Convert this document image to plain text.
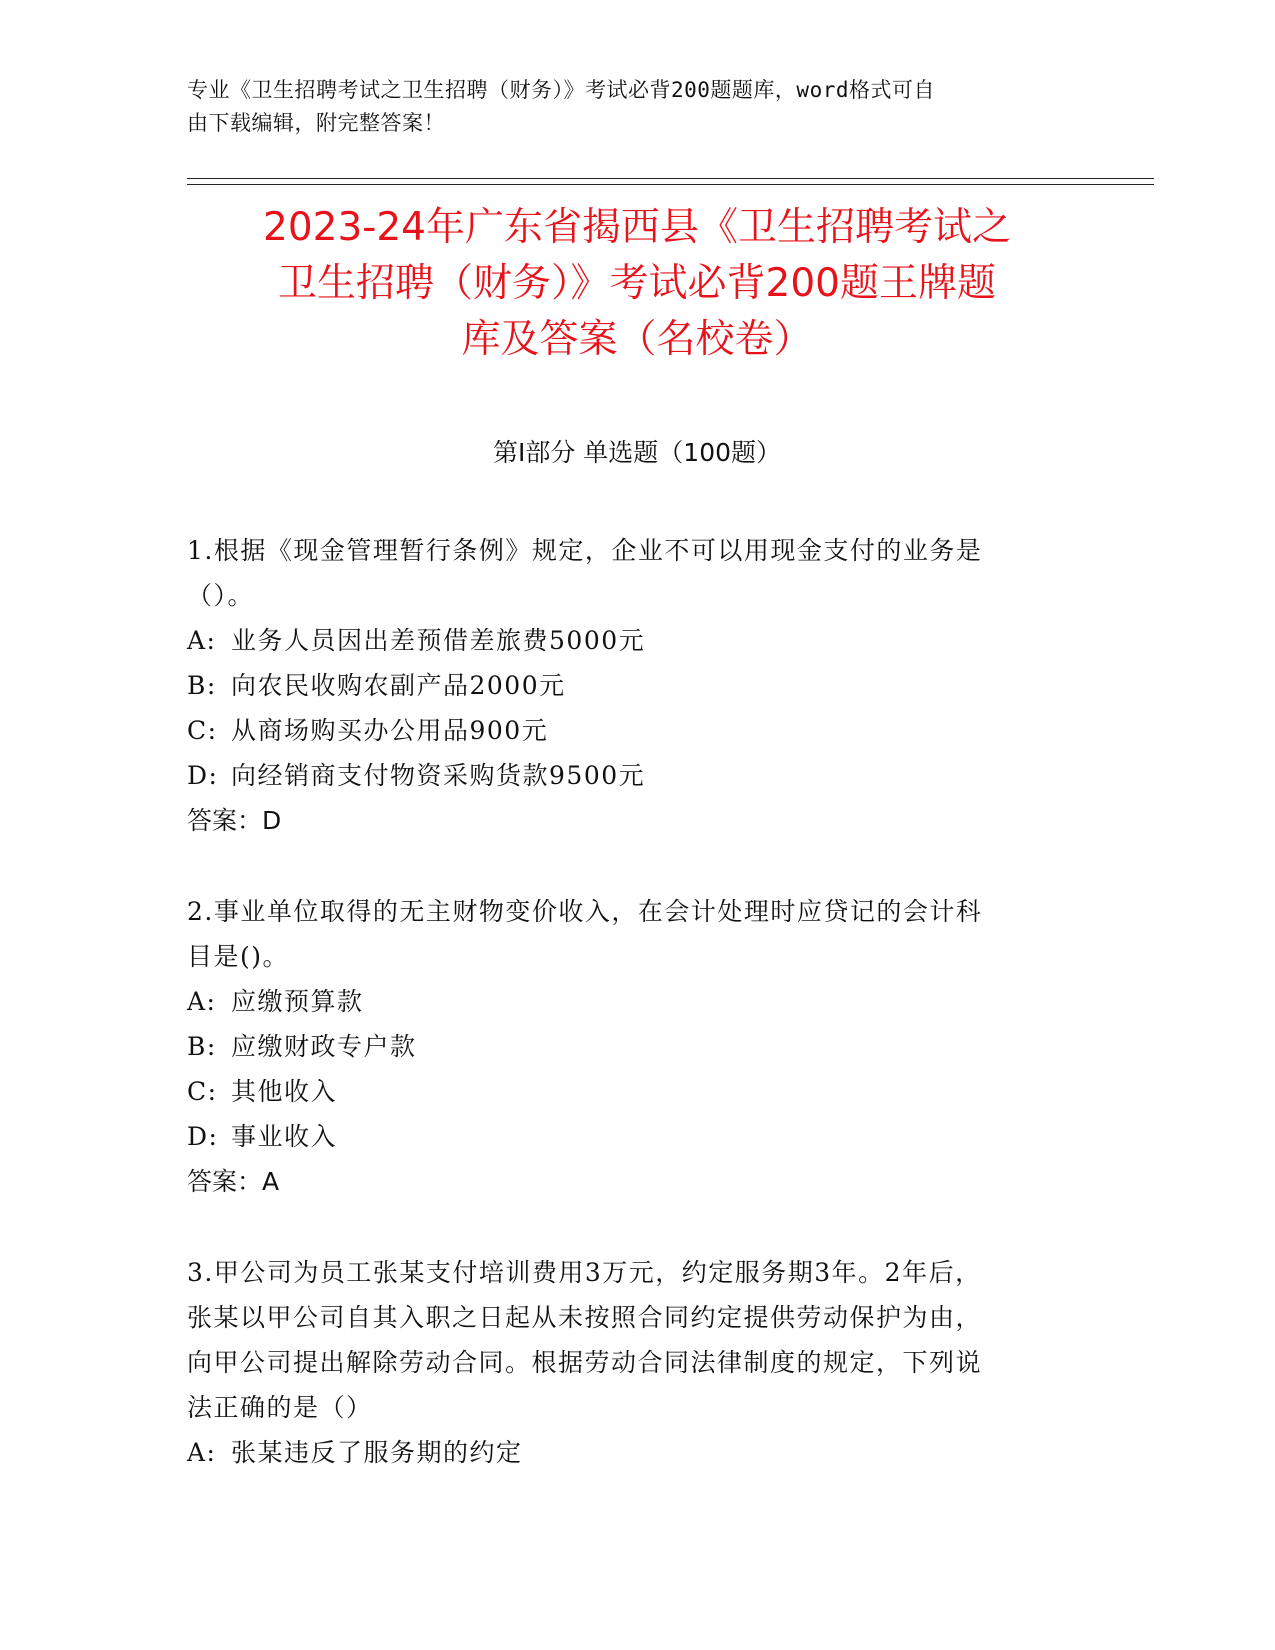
专业《卫生招聘考试之卫生招聘（财务）》考试必背200题题库，word格式可自
由下载编辑，附完整答案！
2023-24年广东省揭西县《卫生招聘考试之
卫生招聘（财务）》考试必背200题王牌题
库及答案（名校卷）
第Ⅰ部分 单选题（100题）

1.根据《现金管理暂行条例》规定，企业不可以用现金支付的业务是

（）。

A: 业务人员因出差预借差旅费5000元

B: 向农民收购农副产品2000元

C: 从商场购买办公用品900元

D: 向经销商支付物资采购货款9500元

答案：D

2.事业单位取得的无主财物变价收入，在会计处理时应贷记的会计科

目是()。

A: 应缴预算款

B: 应缴财政专户款

C: 其他收入

D: 事业收入

答案：A

3.甲公司为员工张某支付培训费用3万元，约定服务期3年。2年后，

张某以甲公司自其入职之日起从未按照合同约定提供劳动保护为由，

向甲公司提出解除劳动合同。根据劳动合同法律制度的规定，下列说

法正确的是（）

A: 张某违反了服务期的约定
